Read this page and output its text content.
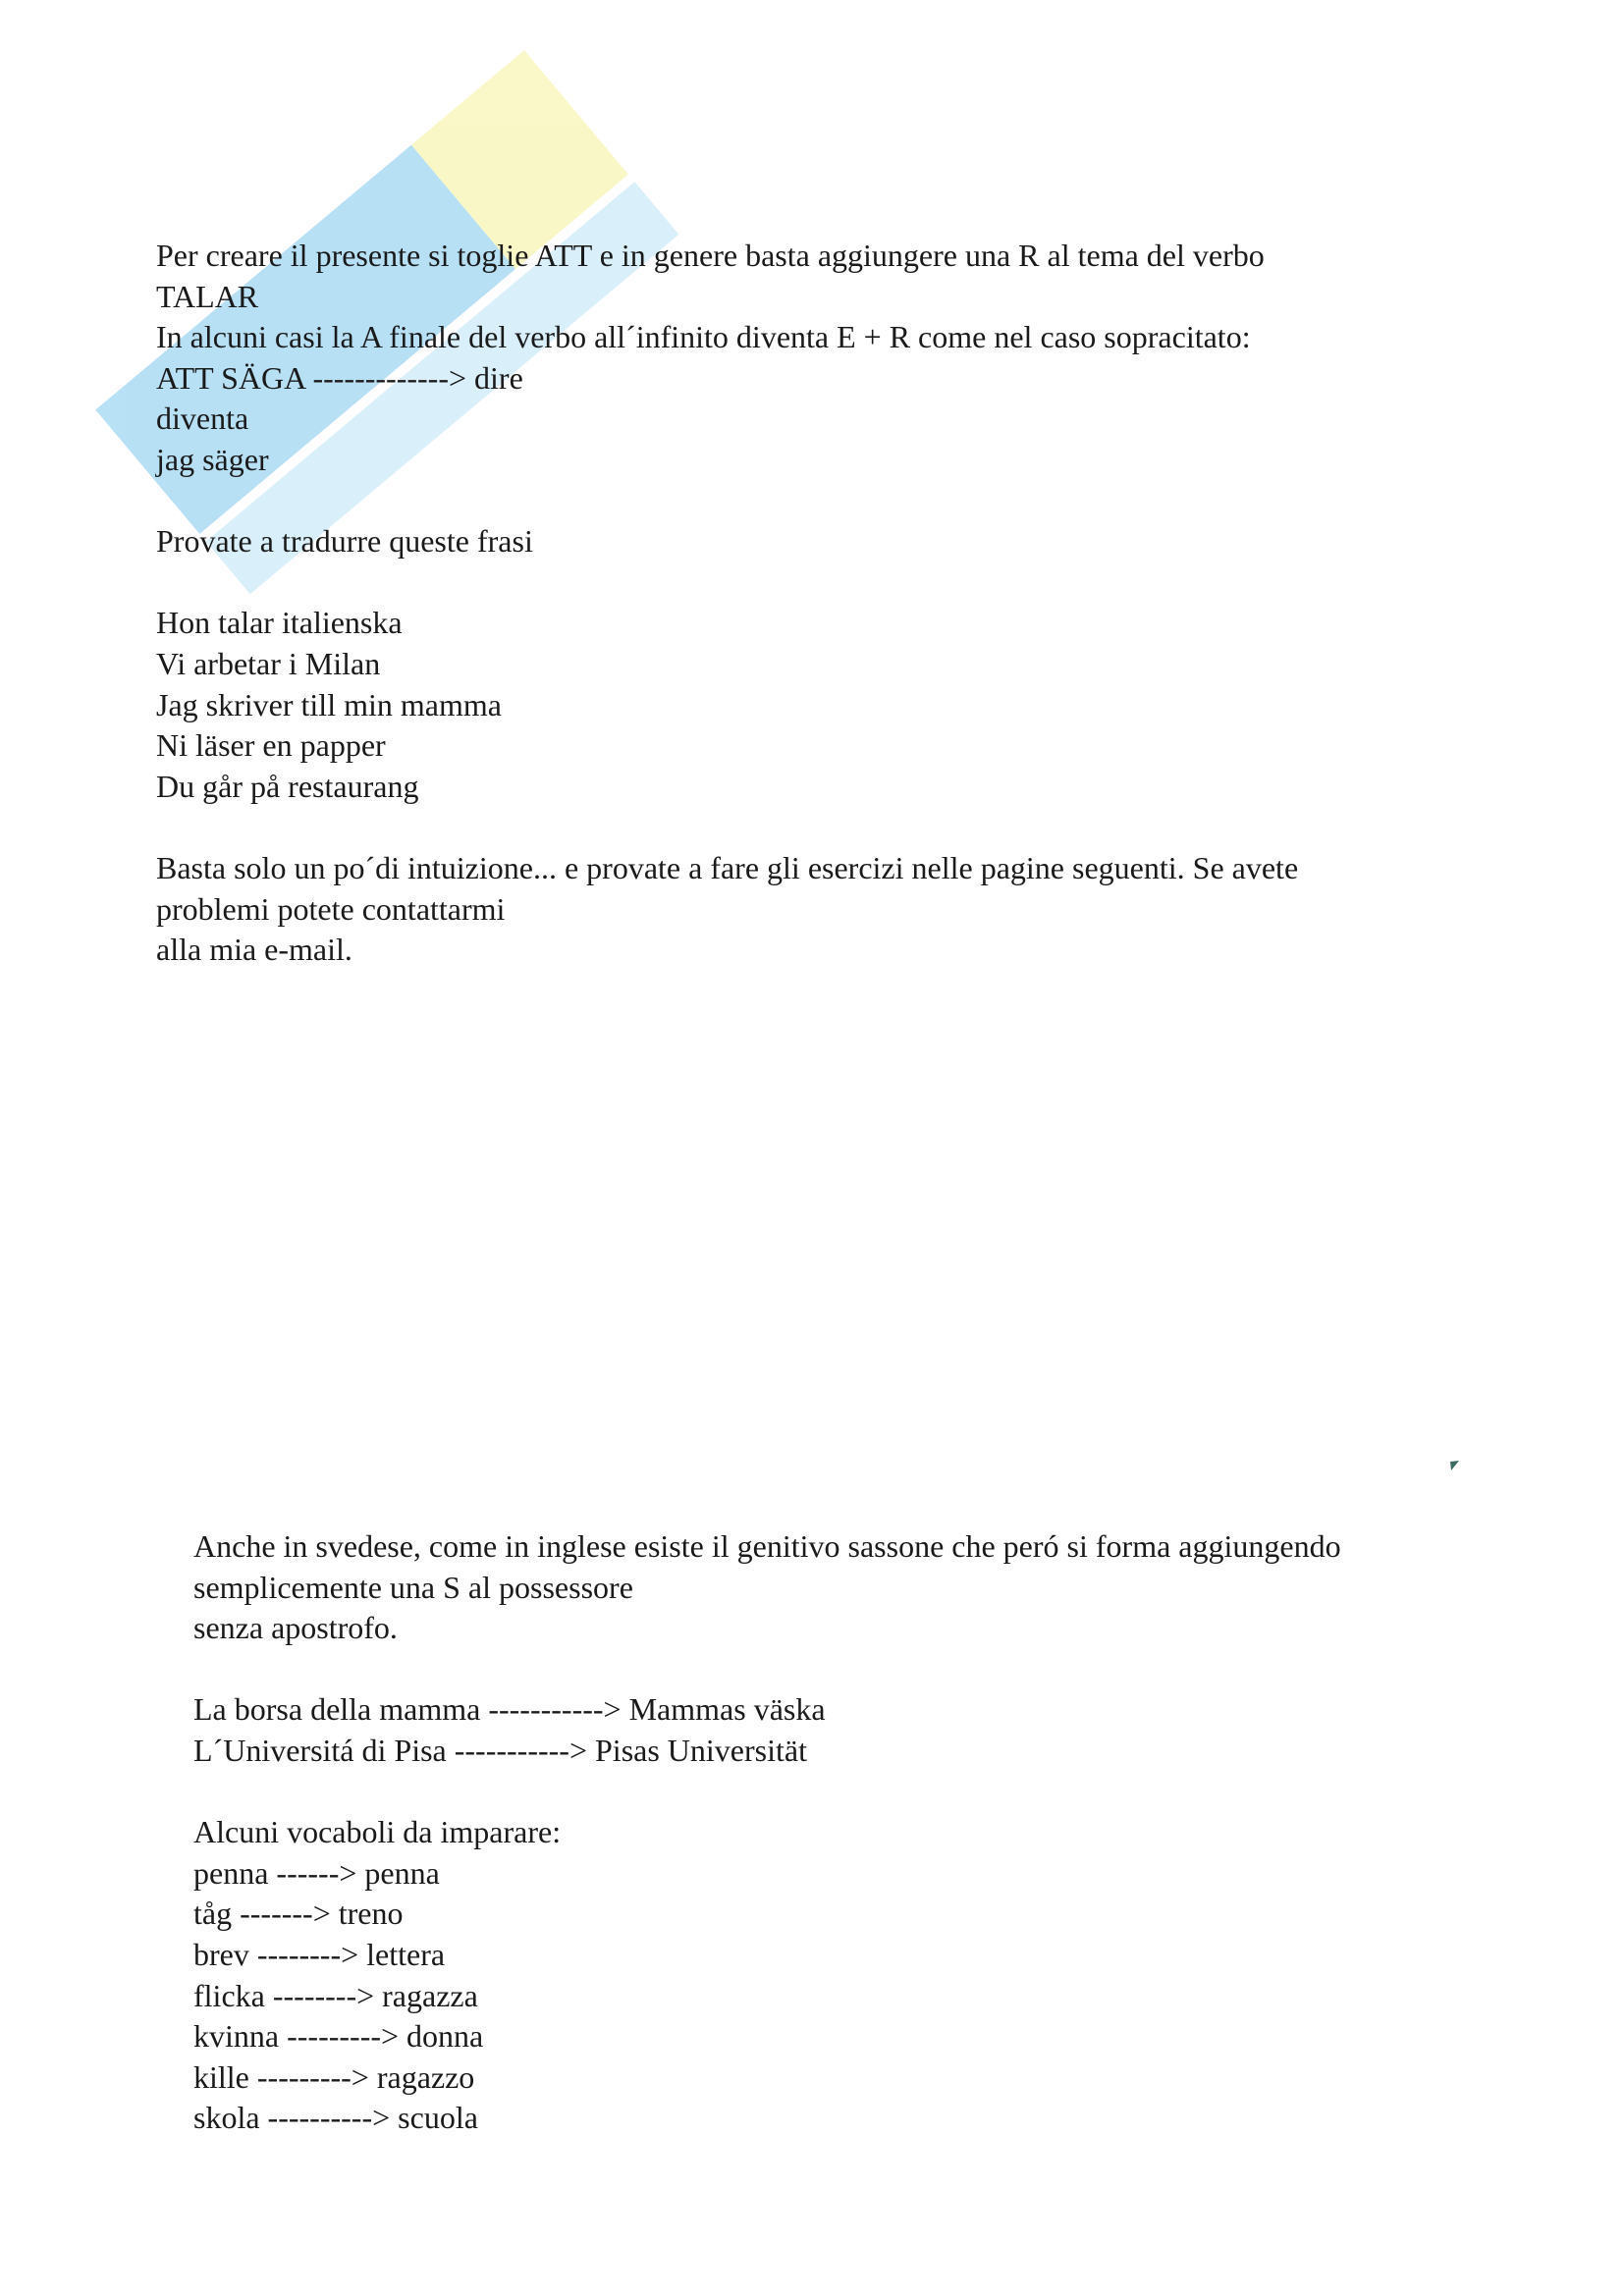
Per creare il presente si toglie ATT e in genere basta aggiungere una R al tema del verbo
TALAR
In alcuni casi la A finale del verbo all´infinito diventa E + R come nel caso sopracitato:
ATT SÄGA -------------> dire
diventa
jag säger
Provate a tradurre queste frasi
Hon talar italienska
Vi arbetar i Milan
Jag skriver till min mamma
Ni läser en papper
Du går på restaurang
Basta solo un po´di intuizione... e provate a fare gli esercizi nelle pagine seguenti. Se avete
problemi potete contattarmi
alla mia e-mail.
Anche in svedese, come in inglese esiste il genitivo sassone che peró si forma aggiungendo
semplicemente una S al possessore
senza apostrofo.
La borsa della mamma -----------> Mammas väska
L´Universitá di Pisa -----------> Pisas Universität
Alcuni vocaboli da imparare:
penna ------> penna
tåg -------> treno
brev --------> lettera
flicka --------> ragazza
kvinna ---------> donna
kille ---------> ragazzo
skola ----------> scuola
